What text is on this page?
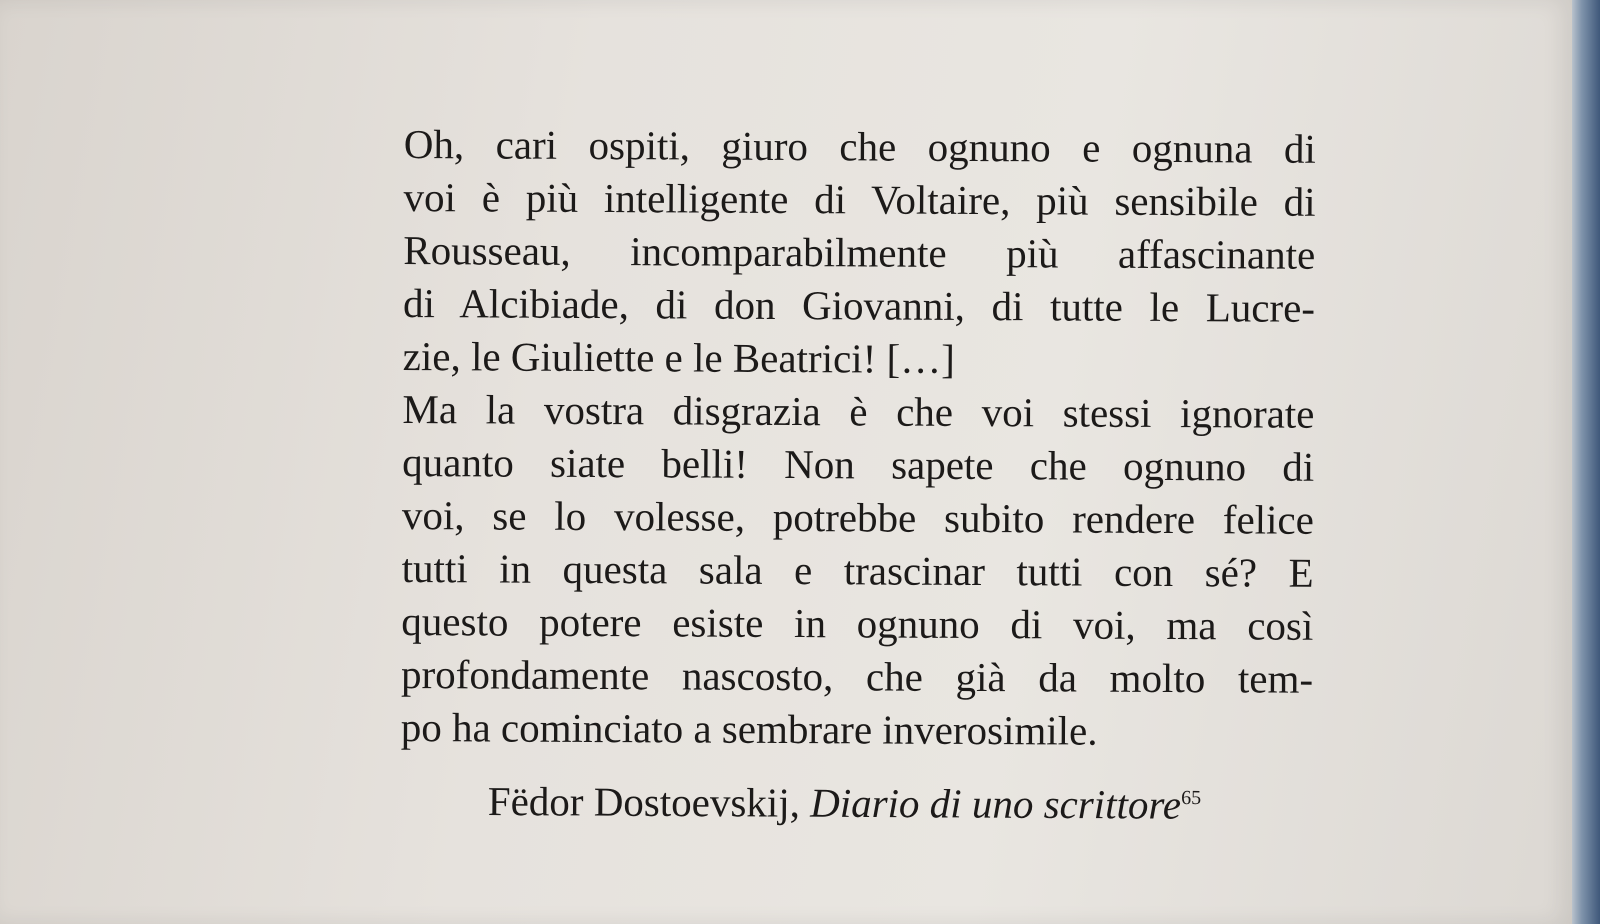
Oh, cari ospiti, giuro che ognuno e ognuna di
voi è più intelligente di Voltaire, più sensibile di
Rousseau, incomparabilmente più affascinante
di Alcibiade, di don Giovanni, di tutte le Lucre-
zie, le Giuliette e le Beatrici! […]
Ma la vostra disgrazia è che voi stessi ignorate
quanto siate belli! Non sapete che ognuno di
voi, se lo volesse, potrebbe subito rendere felice
tutti in questa sala e trascinar tutti con sé? E
questo potere esiste in ognuno di voi, ma così
profondamente nascosto, che già da molto tem-
po ha cominciato a sembrare inverosimile.
Fëdor Dostoevskij, Diario di uno scrittore$^{65}$
